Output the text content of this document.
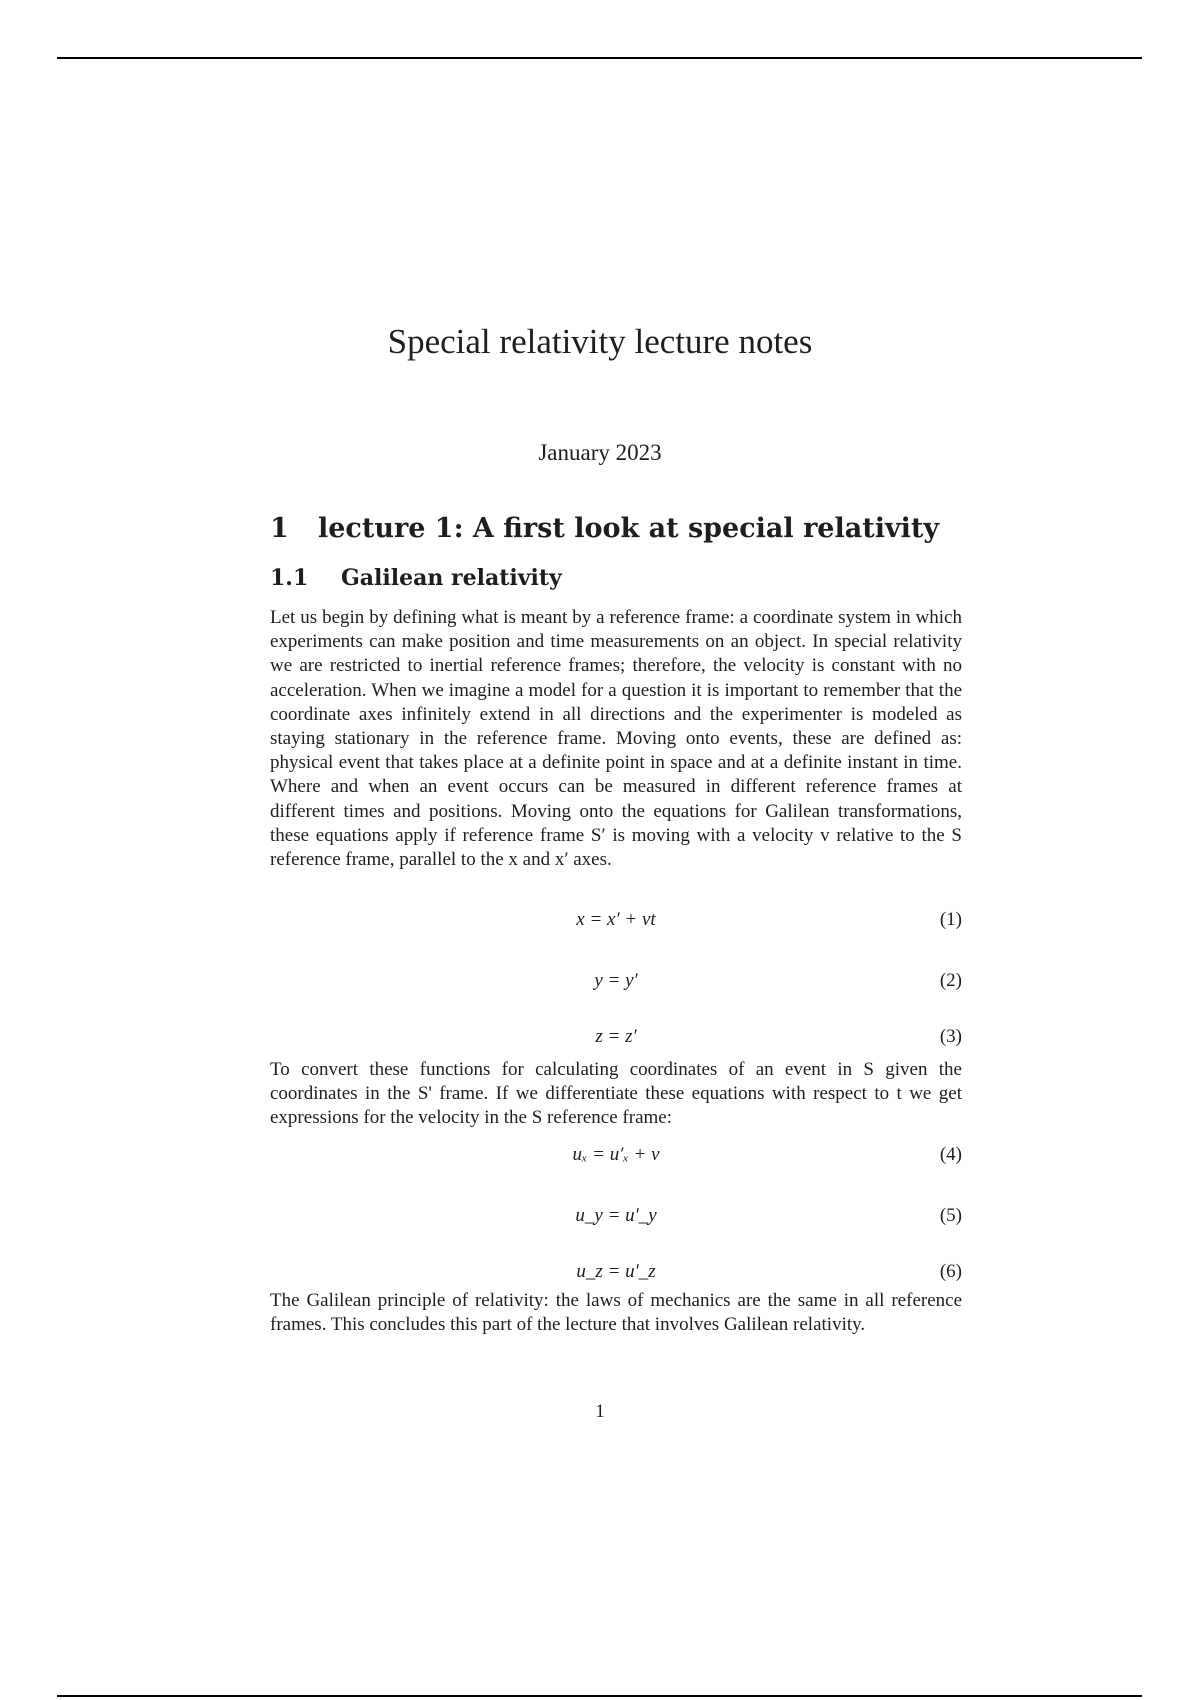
Special relativity lecture notes
January 2023
1 lecture 1: A first look at special relativity
1.1 Galilean relativity

Let us begin by defining what is meant by a reference frame: a coordinate system in which experiments can make position and time measurements on an object. In special relativity we are restricted to inertial reference frames; therefore, the velocity is constant with no acceleration. When we imagine a model for a question it is important to remember that the coordinate axes infinitely extend in all directions and the experimenter is modeled as staying stationary in the reference frame. Moving onto events, these are defined as: physical event that takes place at a definite point in space and at a definite instant in time. Where and when an event occurs can be measured in different reference frames at different times and positions. Moving onto the equations for Galilean transformations, these equations apply if reference frame S′ is moving with a velocity v relative to the S reference frame, parallel to the x and x′ axes.

x = x′ + vt	(1)
y = y′	(2)
z = z′	(3)

To convert these functions for calculating coordinates of an event in S given the coordinates in the S' frame. If we differentiate these equations with respect to t we get expressions for the velocity in the S reference frame:

uₓ = u′ₓ + v	(4)
u_y = u′_y	(5)
u_z = u′_z	(6)

The Galilean principle of relativity: the laws of mechanics are the same in all reference frames. This concludes this part of the lecture that involves Galilean relativity.

1
